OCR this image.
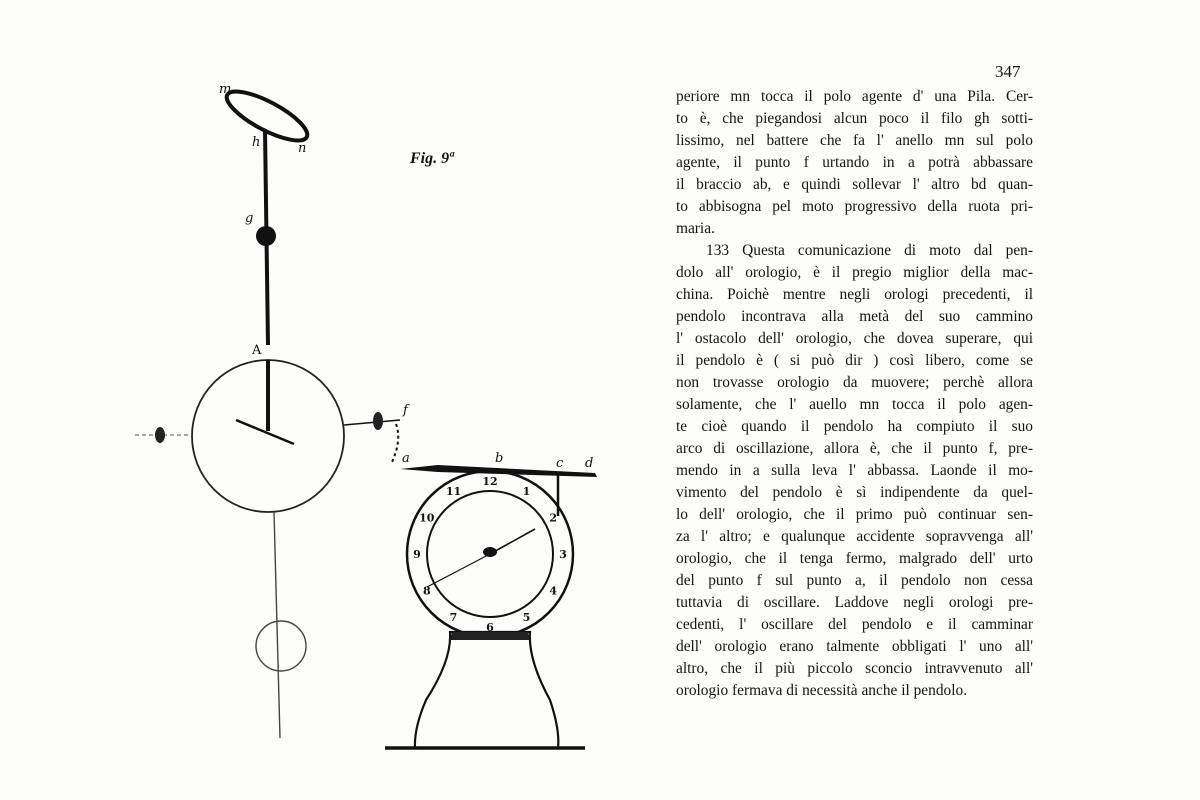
m
h	n
g
A
f
a	b	c d
Fig. 9ª
12
1
2
3
4
5
6
7
8
9
10
11
347
periore mn tocca il polo agente d' una Pila. Cer-
to è, che piegandosi alcun poco il filo gh sotti-
lissimo, nel battere che fa l' anello mn sul polo
agente, il punto f urtando in a potrà abbassare
il braccio ab, e quindi sollevar l' altro bd quan-
to abbisogna pel moto progressivo della ruota pri-
maria.
133 Questa comunicazione di moto dal pen-
dolo all' orologio, è il pregio miglior della mac-
china. Poichè mentre negli orologi precedenti, il
pendolo incontrava alla metà del suo cammino
l' ostacolo dell' orologio, che dovea superare, qui
il pendolo è ( si può dir ) così libero, come se
non trovasse orologio da muovere; perchè allora
solamente, che l' auello mn tocca il polo agen-
te cioè quando il pendolo ha compiuto il suo
arco di oscillazione, allora è, che il punto f, pre-
mendo in a sulla leva l' abbassa. Laonde il mo-
vimento del pendolo è sì indipendente da quel-
lo dell' orologio, che il primo può continuar sen-
za l' altro; e qualunque accidente sopravvenga all'
orologio, che il tenga fermo, malgrado dell' urto
del punto f sul punto a, il pendolo non cessa
tuttavia di oscillare. Laddove negli orologi pre-
cedenti, l' oscillare del pendolo e il camminar
dell' orologio erano talmente obbligati l' uno all'
altro, che il più piccolo sconcio intravvenuto all'
orologio fermava di necessità anche il pendolo.
